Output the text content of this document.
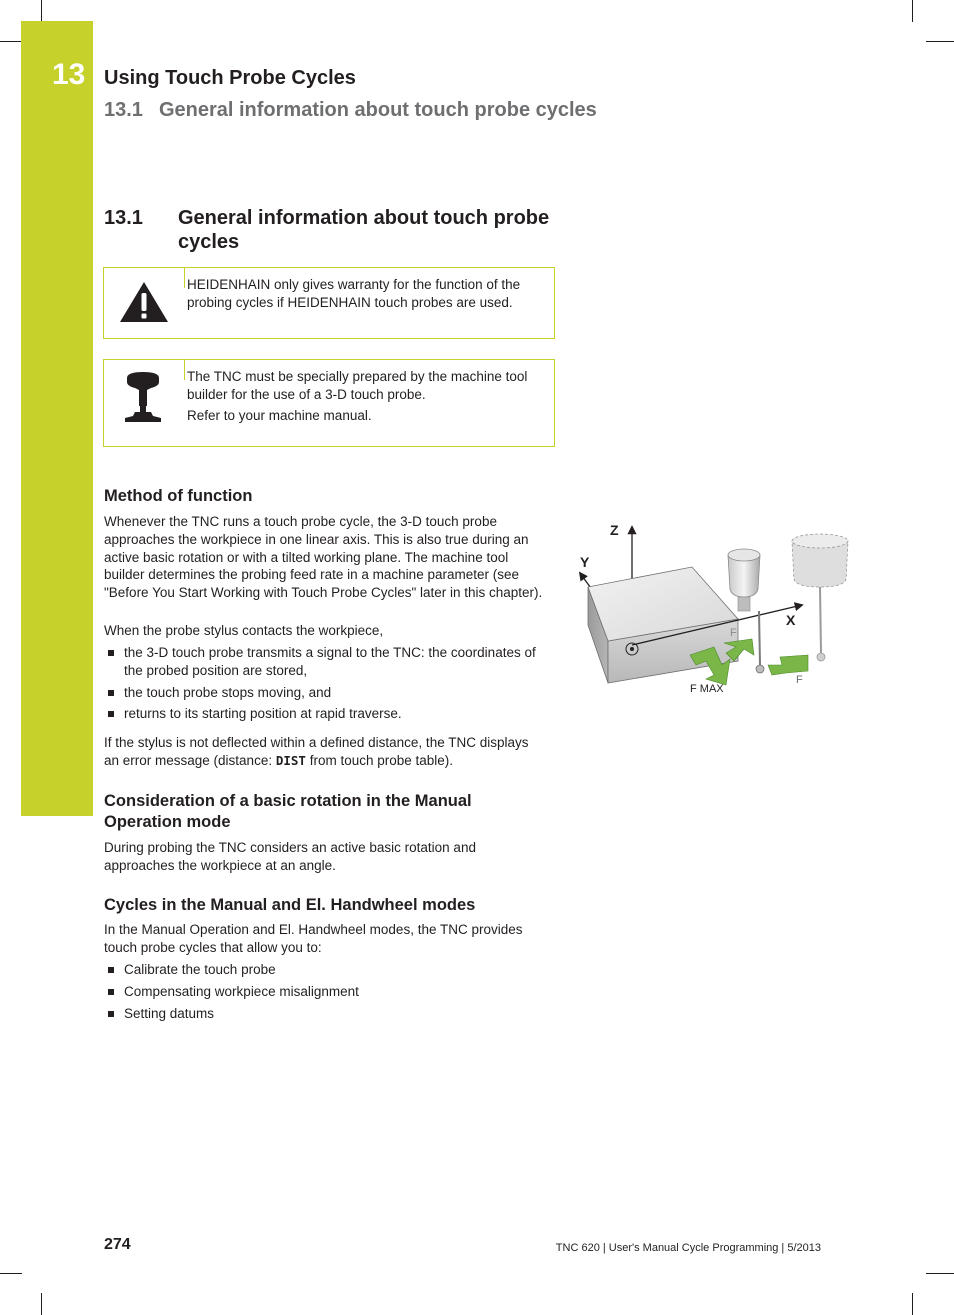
13 Using Touch Probe Cycles
13.1 General information about touch probe cycles
13.1 General information about touch probe cycles

HEIDENHAIN only gives warranty for the function of the probing cycles if HEIDENHAIN touch probes are used.

The TNC must be specially prepared by the machine tool builder for the use of a 3-D touch probe.

Refer to your machine manual.

Method of function

Whenever the TNC runs a touch probe cycle, the 3-D touch probe approaches the workpiece in one linear axis. This is also true during an active basic rotation or with a tilted working plane. The machine tool builder determines the probing feed rate in a machine parameter (see "Before You Start Working with Touch Probe Cycles" later in this chapter).

When the probe stylus contacts the workpiece,

the 3-D touch probe transmits a signal to the TNC: the coordinates of the probed position are stored,
the touch probe stops moving, and
returns to its starting position at rapid traverse.

If the stylus is not deflected within a defined distance, the TNC displays an error message (distance: DIST from touch probe table).

Z
Y
X
F
F
F MAX
Consideration of a basic rotation in the Manual Operation mode

During probing the TNC considers an active basic rotation and approaches the workpiece at an angle.

Cycles in the Manual and El. Handwheel modes

In the Manual Operation and El. Handwheel modes, the TNC provides touch probe cycles that allow you to:

Calibrate the touch probe
Compensating workpiece misalignment
Setting datums
274	TNC 620 | User's Manual Cycle Programming | 5/2013
